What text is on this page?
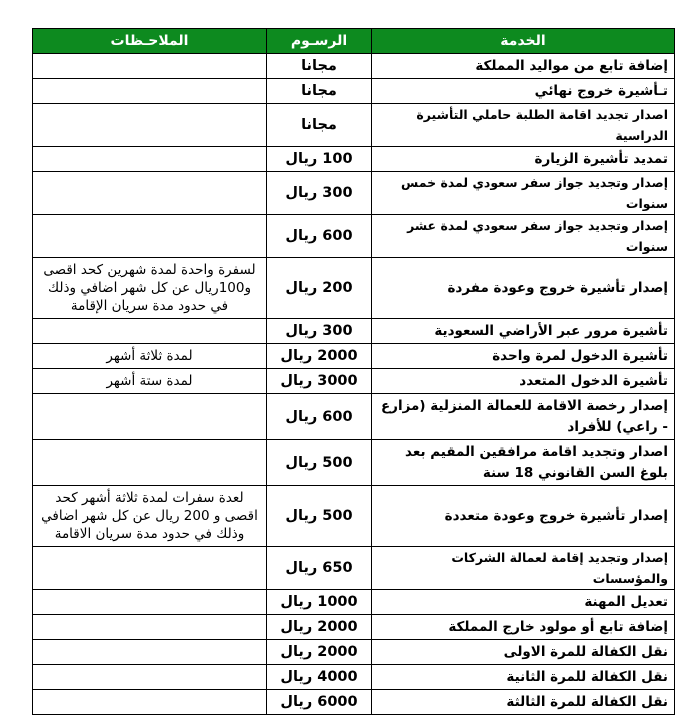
الخدمة	الرسـوم	الملاحـظات
إضافة تابع من مواليد المملكة	مجانا	
تـأشيرة خروج نهائي	مجانا	
اصدار تجديد اقامة الطلبة حاملي التأشيرة الدراسية	مجانا	
تمديد تأشيرة الزيارة	100 ريال	
إصدار وتجديد جواز سفر سعودي لمدة خمس سنوات	300 ريال	
إصدار وتجديد جواز سفر سعودي لمدة عشر سنوات	600 ريال	
إصدار تأشيرة خروج وعودة مفردة	200 ريال	لسفرة واحدة لمدة شهرين كحد اقصى و100ريال عن كل شهر اضافي وذلك في حدود مدة سريان الإقامة
تأشيرة مرور عبر الأراضي السعودية	300 ريال	
تأشيرة الدخول لمرة واحدة	2000 ريال	لمدة ثلاثة أشهر
تأشيرة الدخول المتعدد	3000 ريال	لمدة ستة أشهر
إصدار رخصة الاقامة للعمالة المنزلية (مزارع - راعي) للأفراد	600 ريال	
اصدار وتجديد اقامة مرافقين المقيم بعد بلوغ السن القانوني 18 سنة	500 ريال	
إصدار تأشيرة خروج وعودة متعددة	500 ريال	لعدة سفرات لمدة ثلاثة أشهر كحد اقصى و 200 ريال عن كل شهر اضافي وذلك في حدود مدة سريان الاقامة
إصدار وتجديد إقامة لعمالة الشركات والمؤسسات	650 ريال	
تعديل المهنة	1000 ريال	
إضافة تابع أو مولود خارج المملكة	2000 ريال	
نقل الكفالة للمرة الاولى	2000 ريال	
نقل الكفالة للمرة الثانية	4000 ريال	
نقل الكفالة للمرة الثالثة	6000 ريال	
